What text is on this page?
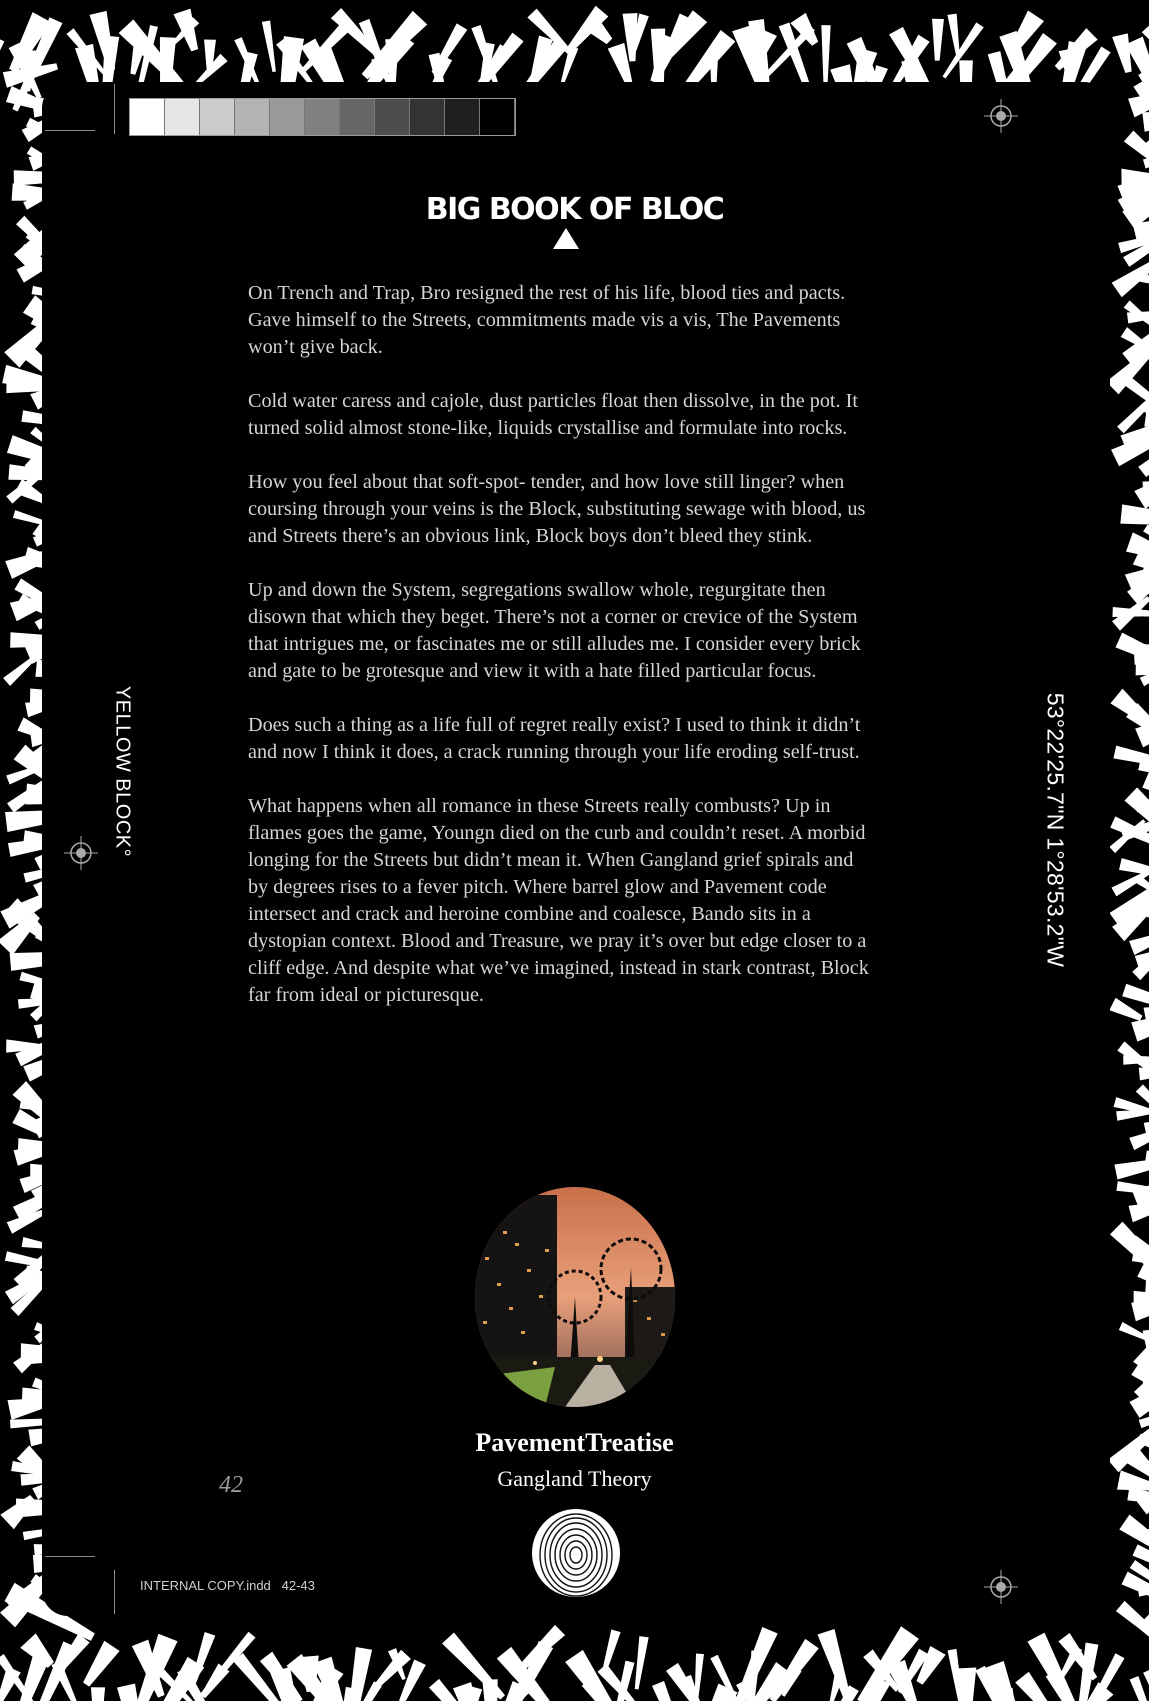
BIG BOOK OF BLOC

On Trench and Trap, Bro resigned the rest of his life, blood ties and pacts. Gave himself to the Streets, commitments made vis a vis, The Pavements won’t give back.

Cold water caress and cajole, dust particles float then dissolve, in the pot. It turned solid almost stone-like, liquids crystallise and formulate into rocks.

How you feel about that soft-spot- tender, and how love still linger? when coursing through your veins is the Block, substituting sewage with blood, us and Streets there’s an obvious link, Block boys don’t bleed they stink.

Up and down the System, segregations swallow whole, regurgitate then disown that which they beget. There’s not a corner or crevice of the System that intrigues me, or fascinates me or still alludes me. I consider every brick and gate to be grotesque and view it with a hate filled particular focus.

Does such a thing as a life full of regret really exist? I used to think it didn’t and now I think it does, a crack running through your life eroding self-trust.

What happens when all romance in these Streets really combusts? Up in flames goes the game, Youngn died on the curb and couldn’t reset. A morbid longing for the Streets but didn’t mean it. When Gangland grief spirals and by degrees rises to a fever pitch. Where barrel glow and Pavement code intersect and crack and heroine combine and coalesce, Bando sits in a dystopian context. Blood and Treasure, we pray it’s over but edge closer to a cliff edge. And despite what we’ve imagined, instead in stark contrast, Block far from ideal or picturesque.

YELLOW BLOCK°	53°22'25.7"N 1°28'53.2"W
PavementTreatise
Gangland Theory
42
INTERNAL COPY.indd   42-43
